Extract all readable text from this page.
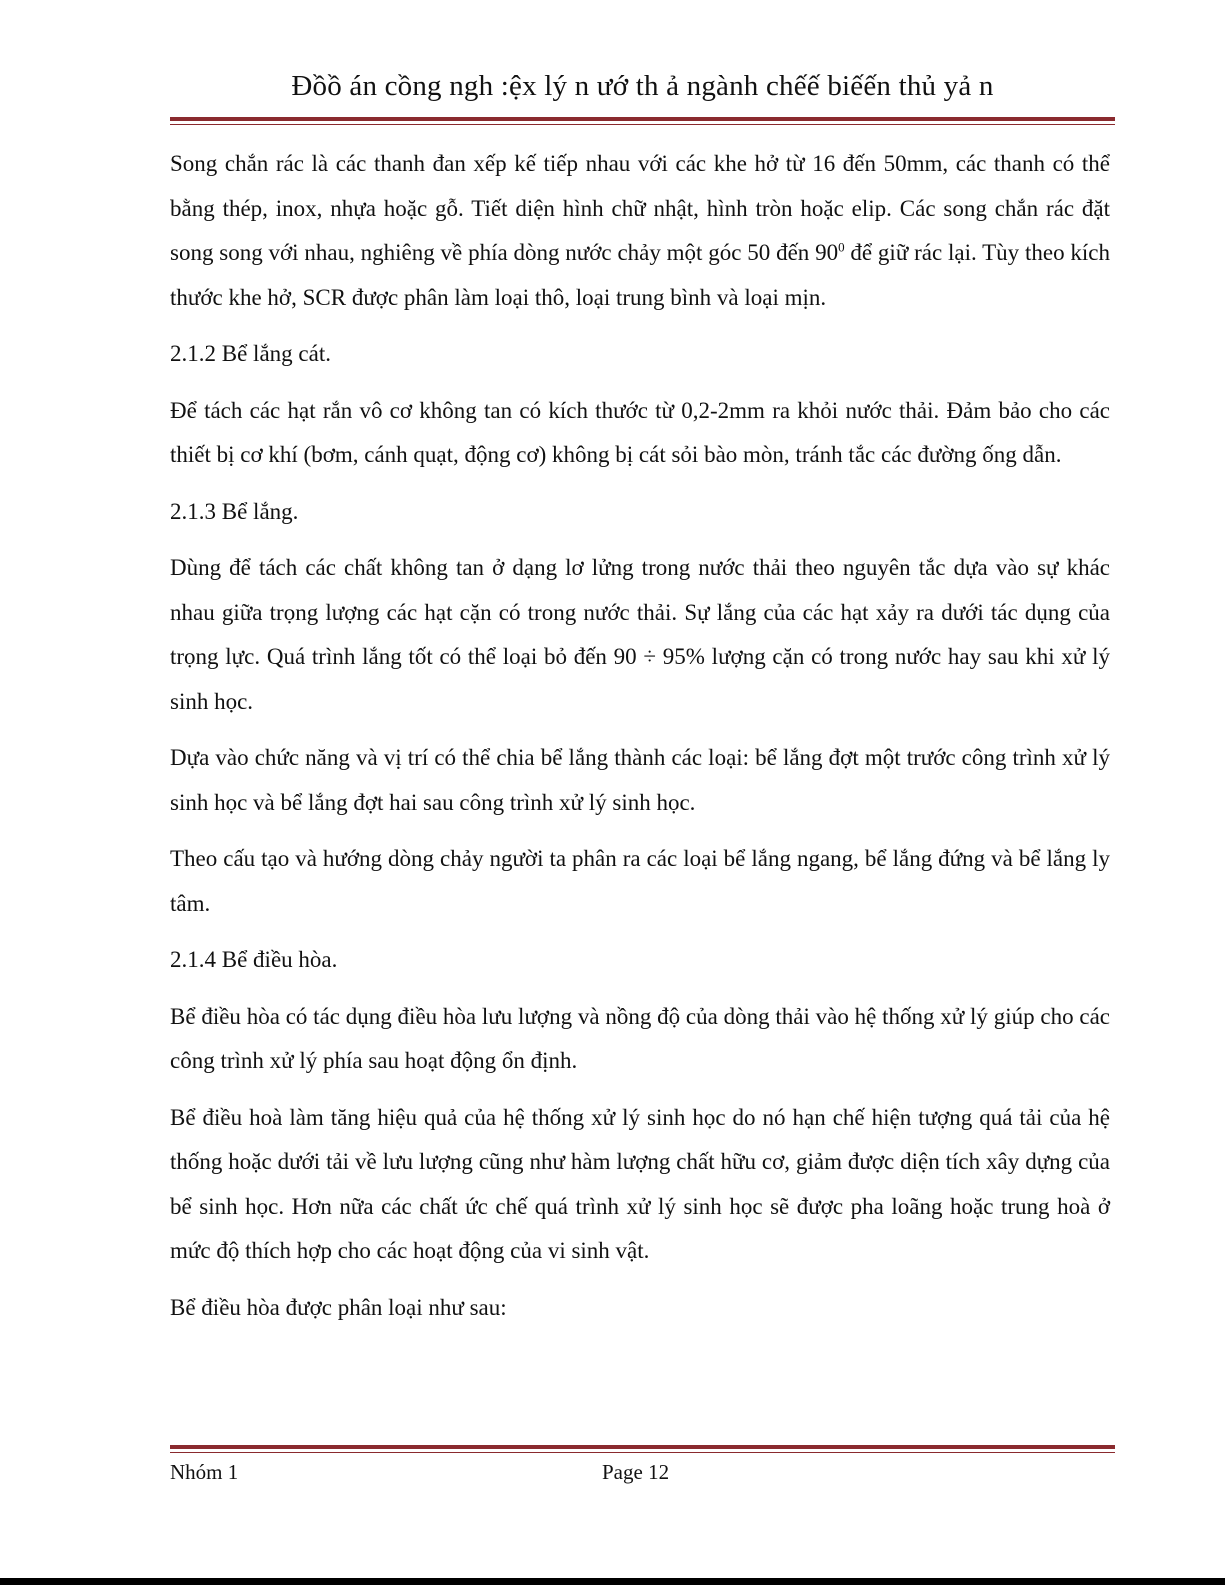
Đồồ án cồng ngh :ệx lý n ướ th ả ngành chếế biếến thủ yả n

Song chắn rác là các thanh đan xếp kế tiếp nhau với các khe hở từ 16 đến 50mm, các thanh có thể bằng thép, inox, nhựa hoặc gỗ. Tiết diện hình chữ nhật, hình tròn hoặc elip. Các song chắn rác đặt song song với nhau, nghiêng về phía dòng nước chảy một góc 50 đến $90^0$ để giữ rác lại. Tùy theo kích thước khe hở, SCR được phân làm loại thô, loại trung bình và loại mịn.

2.1.2 Bể lắng cát.

Để tách các hạt rắn vô cơ không tan có kích thước từ 0,2-2mm ra khỏi nước thải. Đảm bảo cho các thiết bị cơ khí (bơm, cánh quạt, động cơ) không bị cát sỏi bào mòn, tránh tắc các đường ống dẫn.

2.1.3 Bể lắng.

Dùng để tách các chất không tan ở dạng lơ lửng trong nước thải theo nguyên tắc dựa vào sự khác nhau giữa trọng lượng các hạt cặn có trong nước thải. Sự lắng của các hạt xảy ra dưới tác dụng của trọng lực. Quá trình lắng tốt có thể loại bỏ đến 90 ÷ 95% lượng cặn có trong nước hay sau khi xử lý sinh học.

Dựa vào chức năng và vị trí có thể chia bể lắng thành các loại: bể lắng đợt một trước công trình xử lý sinh học và bể lắng đợt hai sau công trình xử lý sinh học.

Theo cấu tạo và hướng dòng chảy người ta phân ra các loại bể lắng ngang, bể lắng đứng và bể lắng ly tâm.

2.1.4 Bể điều hòa.

Bể điều hòa có tác dụng điều hòa lưu lượng và nồng độ của dòng thải vào hệ thống xử lý giúp cho các công trình xử lý phía sau hoạt động ổn định.

Bể điều hoà làm tăng hiệu quả của hệ thống xử lý sinh học do nó hạn chế hiện tượng quá tải của hệ thống hoặc dưới tải về lưu lượng cũng như hàm lượng chất hữu cơ, giảm được diện tích xây dựng của bể sinh học. Hơn nữa các chất ức chế quá trình xử lý sinh học sẽ được pha loãng hoặc trung hoà ở mức độ thích hợp cho các hoạt động của vi sinh vật.

Bể điều hòa được phân loại như sau:

Nhóm 1	Page 12
